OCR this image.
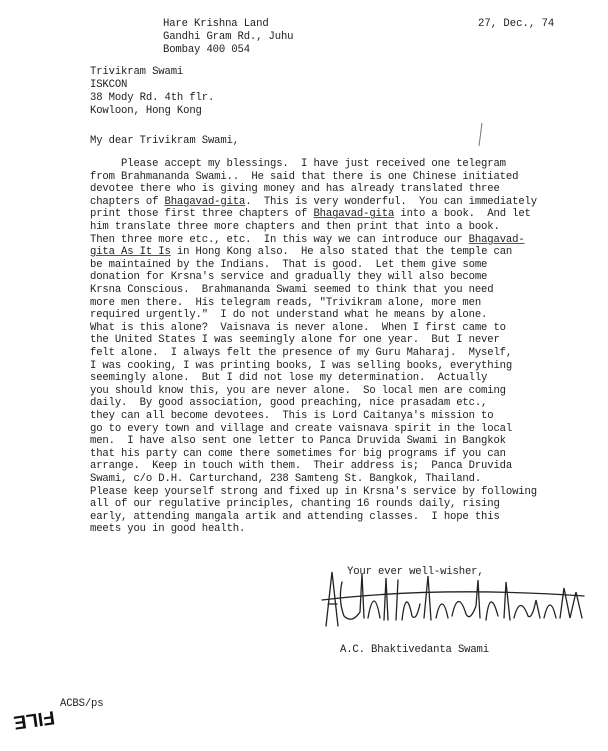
Hare Krishna Land
Gandhi Gram Rd., Juhu
Bombay 400 054
27, Dec., 74
Trivikram Swami
ISKCON
38 Mody Rd. 4th flr.
Kowloon, Hong Kong
My dear Trivikram Swami,
Please accept my blessings.  I have just received one telegram
from Brahmananda Swami..  He said that there is one Chinese initiated
devotee there who is giving money and has already translated three
chapters of Bhagavad-gita.  This is very wonderful.  You can immediately
print those first three chapters of Bhagavad-gita into a book.  And let
him translate three more chapters and then print that into a book.
Then three more etc., etc.  In this way we can introduce our Bhagavad-
gita As It Is in Hong Kong also.  He also stated that the temple can
be maintained by the Indians.  That is good.  Let them give some
donation for Krsna's service and gradually they will also become
Krsna Conscious.  Brahmananda Swami seemed to think that you need
more men there.  His telegram reads, "Trivikram alone, more men
required urgently."  I do not understand what he means by alone.
What is this alone?  Vaisnava is never alone.  When I first came to
the United States I was seemingly alone for one year.  But I never
felt alone.  I always felt the presence of my Guru Maharaj.  Myself,
I was cooking, I was printing books, I was selling books, everything
seemingly alone.  But I did not lose my determination.  Actually
you should know this, you are never alone.  So local men are coming
daily.  By good association, good preaching, nice prasadam etc.,
they can all become devotees.  This is Lord Caitanya's mission to
go to every town and village and create vaisnava spirit in the local
men.  I have also sent one letter to Panca Druvida Swami in Bangkok
that his party can come there sometimes for big programs if you can
arrange.  Keep in touch with them.  Their address is;  Panca Druvida
Swami, c/o D.H. Carturchand, 238 Samteng St. Bangkok, Thailand.
Please keep yourself strong and fixed up in Krsna's service by following
all of our regulative principles, chanting 16 rounds daily, rising
early, attending mangala artik and attending classes.  I hope this
meets you in good health.
Your ever well-wisher,
A.C. Bhaktivedanta Swami
ACBS/ps
FILE
